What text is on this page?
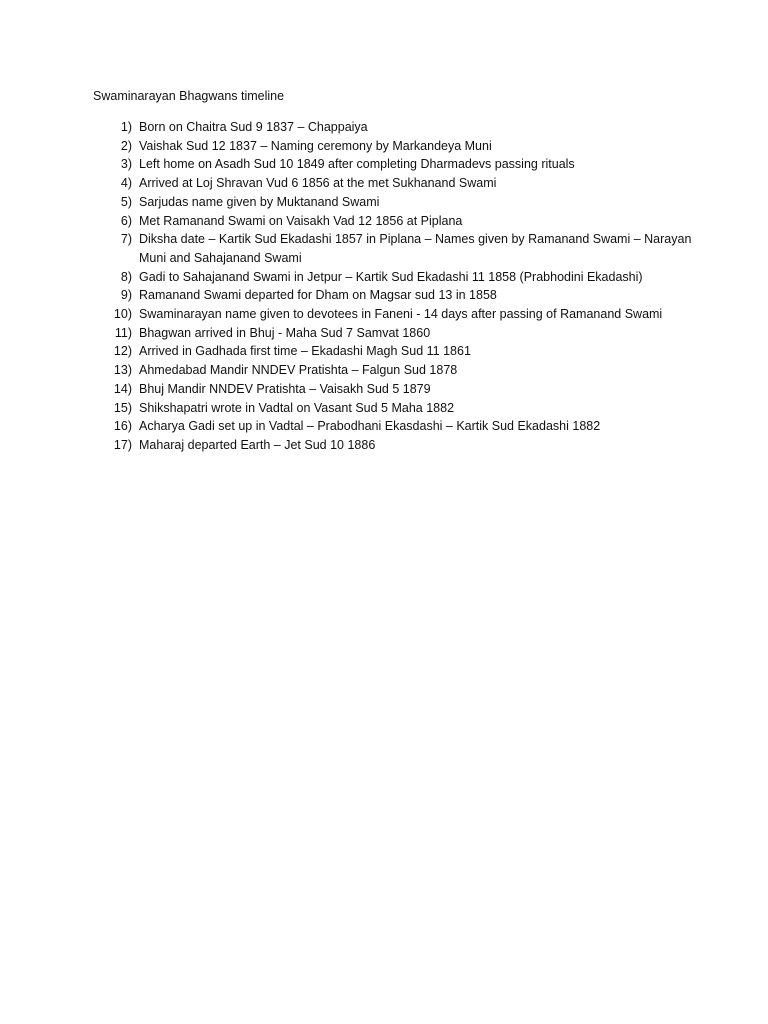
Swaminarayan Bhagwans timeline
1) Born on Chaitra Sud 9 1837 – Chappaiya
2) Vaishak Sud 12 1837 – Naming ceremony by Markandeya Muni
3) Left home on Asadh Sud 10 1849 after completing Dharmadevs passing rituals
4) Arrived at Loj Shravan Vud 6 1856 at the met Sukhanand Swami
5) Sarjudas name given by Muktanand Swami
6) Met Ramanand Swami on Vaisakh Vad 12 1856 at Piplana
7) Diksha date – Kartik Sud Ekadashi 1857 in Piplana – Names given by Ramanand Swami – Narayan Muni and Sahajanand Swami
8) Gadi to Sahajanand Swami in Jetpur – Kartik Sud Ekadashi 11 1858 (Prabhodini Ekadashi)
9) Ramanand Swami departed for Dham on Magsar sud 13 in 1858
10) Swaminarayan name given to devotees in Faneni - 14 days after passing of Ramanand Swami
11) Bhagwan arrived in Bhuj - Maha Sud 7 Samvat 1860
12) Arrived in Gadhada first time – Ekadashi Magh Sud 11 1861
13) Ahmedabad Mandir NNDEV Pratishta – Falgun Sud 1878
14) Bhuj Mandir NNDEV Pratishta – Vaisakh Sud 5 1879
15) Shikshapatri wrote in Vadtal on Vasant Sud 5 Maha 1882
16) Acharya Gadi set up in Vadtal – Prabodhani Ekasdashi – Kartik Sud Ekadashi 1882
17) Maharaj departed Earth – Jet Sud 10 1886
